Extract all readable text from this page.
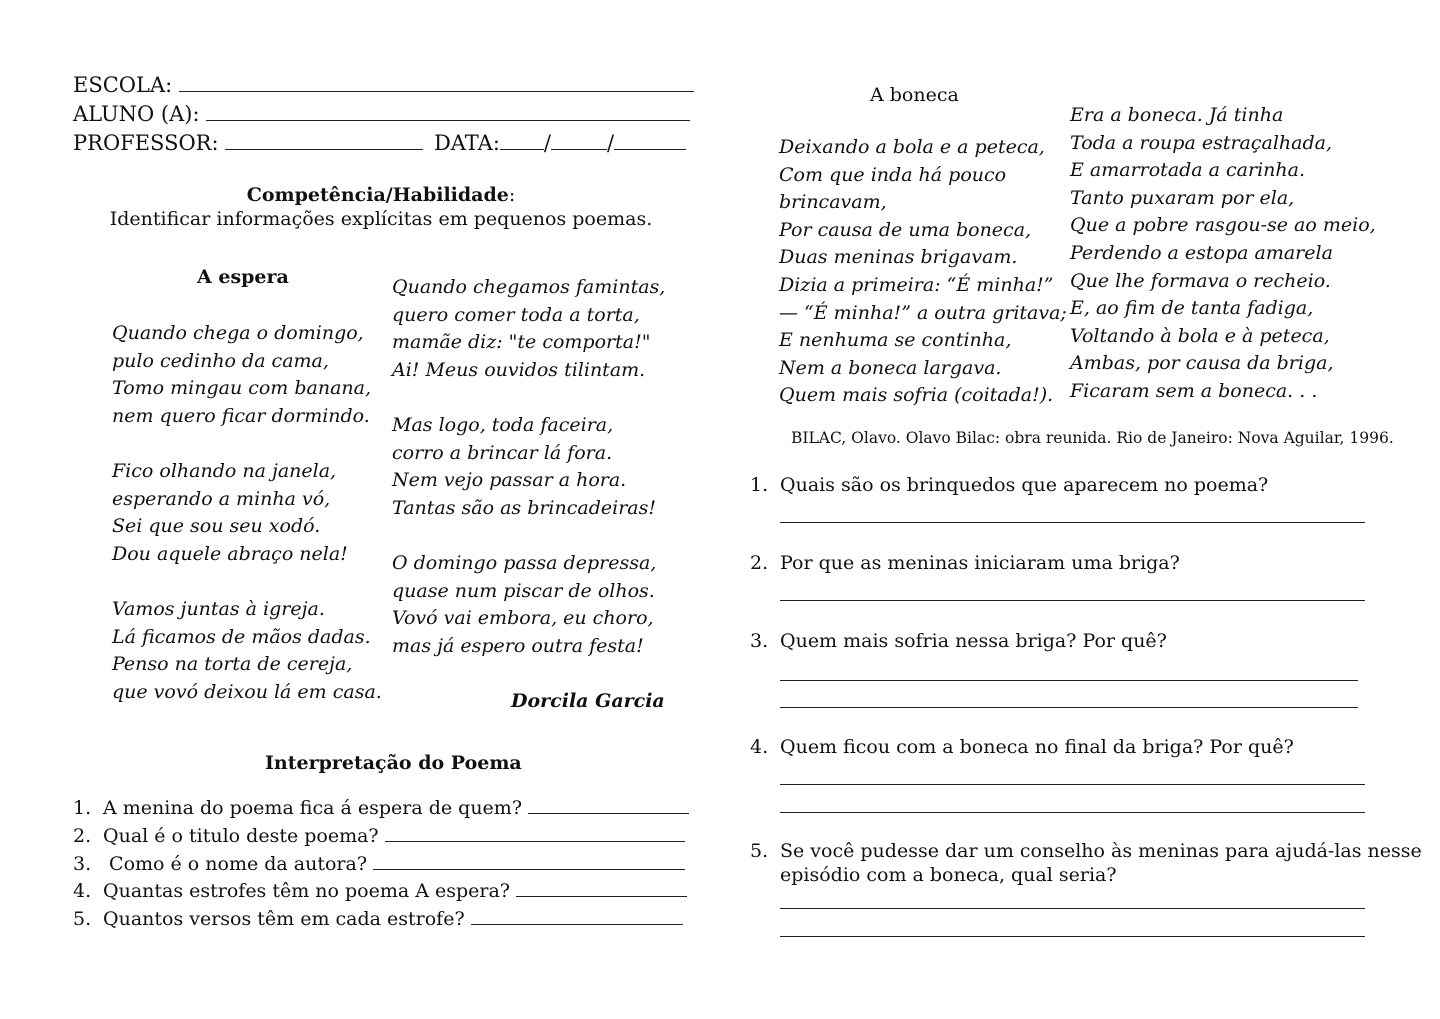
ESCOLA:
ALUNO (A):
PROFESSOR:	DATA: /	/
Competência/Habilidade:
Identificar informações explícitas em pequenos poemas.
A espera
Quando chega o domingo,
pulo cedinho da cama,
Tomo mingau com banana,
nem quero ficar dormindo.
Fico olhando na janela,
esperando a minha vó,
Sei que sou seu xodó.
Dou aquele abraço nela!
Vamos juntas à igreja.
Lá ficamos de mãos dadas.
Penso na torta de cereja,
que vovó deixou lá em casa.
Quando chegamos famintas,
quero comer toda a torta,
mamãe diz: "te comporta!"
Ai! Meus ouvidos tilintam.
Mas logo, toda faceira,
corro a brincar lá fora.
Nem vejo passar a hora.
Tantas são as brincadeiras!
O domingo passa depressa,
quase num piscar de olhos.
Vovó vai embora, eu choro,
mas já espero outra festa!
Dorcila Garcia
Interpretação do Poema
1. A menina do poema fica á espera de quem?
2. Qual é o titulo deste poema?
3. Como é o nome da autora?
4. Quantas estrofes têm no poema A espera?
5. Quantos versos têm em cada estrofe?
A boneca
Deixando a bola e a peteca,
Com que inda há pouco
brincavam,
Por causa de uma boneca,
Duas meninas brigavam.
Dizia a primeira: “É minha!”
— “É minha!” a outra gritava;
E nenhuma se continha,
Nem a boneca largava.
Quem mais sofria (coitada!).
Era a boneca. Já tinha
Toda a roupa estraçalhada,
E amarrotada a carinha.
Tanto puxaram por ela,
Que a pobre rasgou-se ao meio,
Perdendo a estopa amarela
Que lhe formava o recheio.
E, ao fim de tanta fadiga,
Voltando à bola e à peteca,
Ambas, por causa da briga,
Ficaram sem a boneca. . .
BILAC, Olavo. Olavo Bilac: obra reunida. Rio de Janeiro: Nova Aguilar, 1996.
1. Quais são os brinquedos que aparecem no poema?
2. Por que as meninas iniciaram uma briga?
3. Quem mais sofria nessa briga? Por quê?
4. Quem ficou com a boneca no final da briga? Por quê?
5. Se você pudesse dar um conselho às meninas para ajudá-las nesse
episódio com a boneca, qual seria?
